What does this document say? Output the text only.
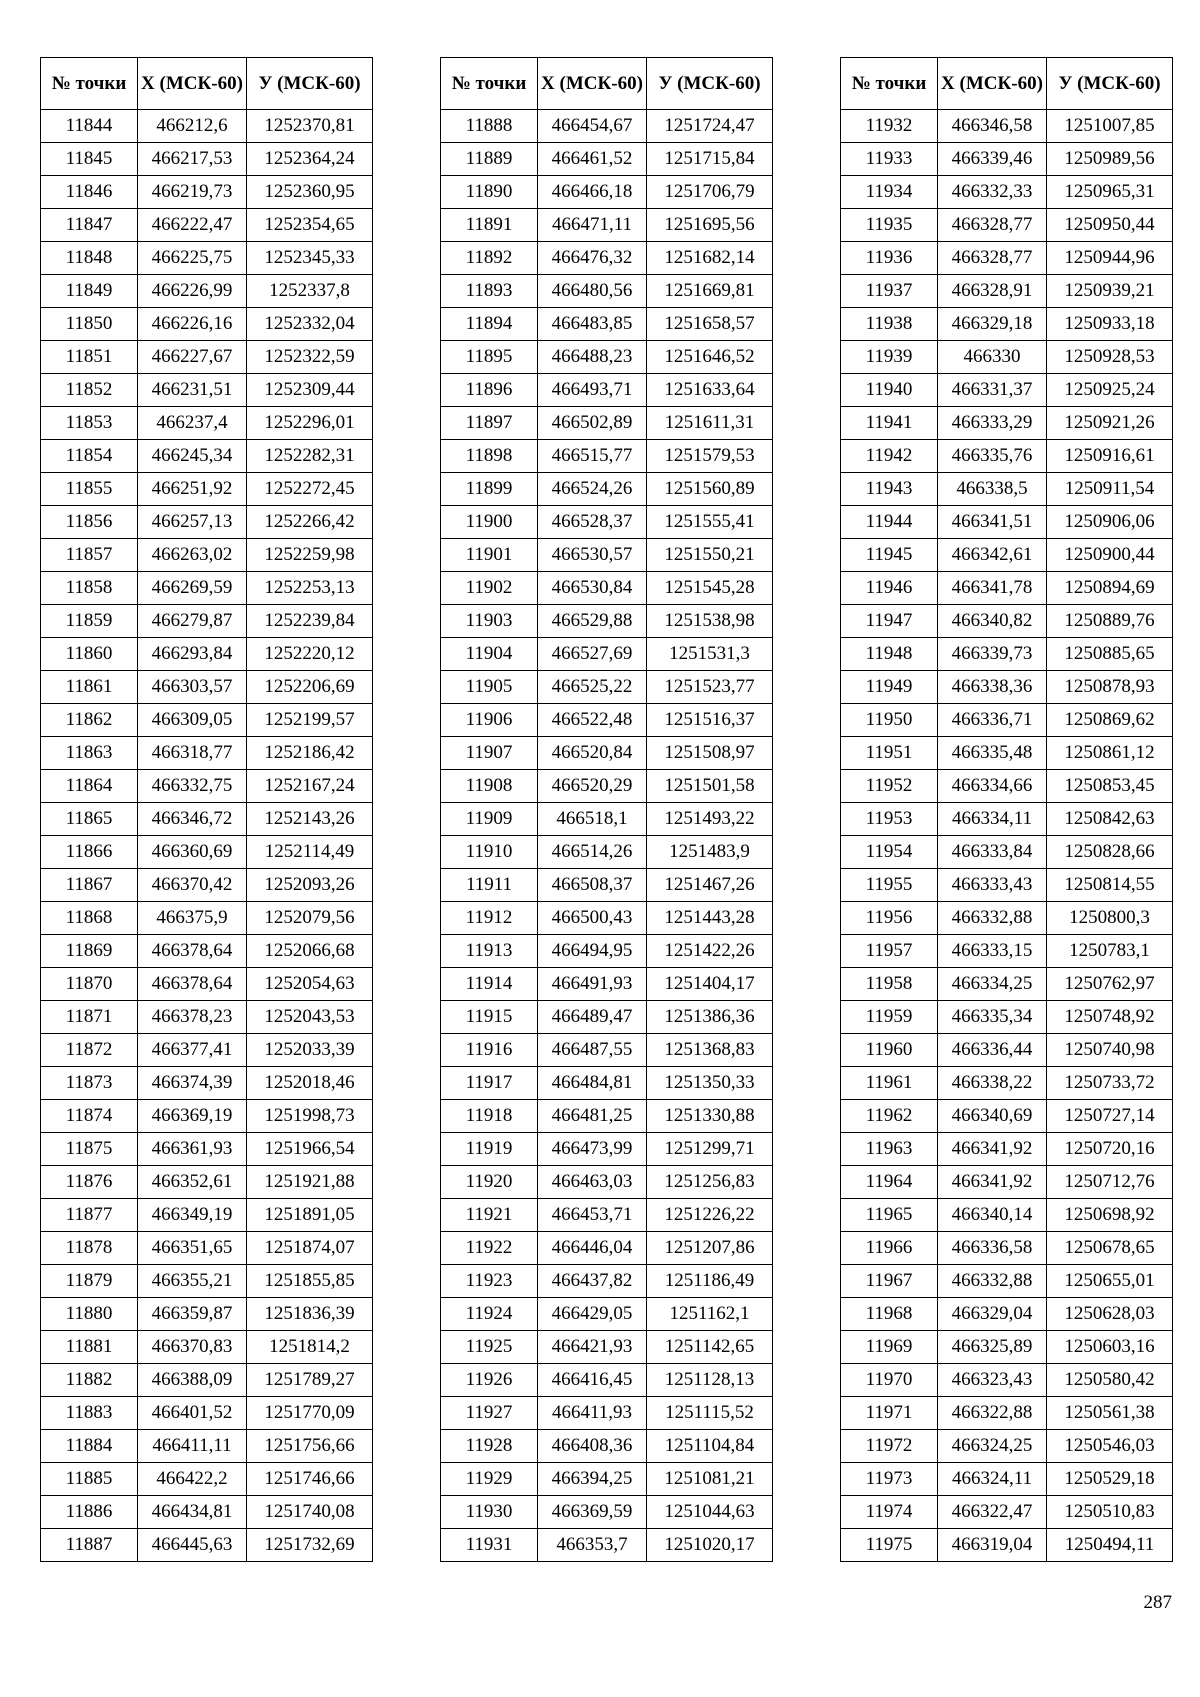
№ точки	X (МСК-60)	У (МСК-60)
11844	466212,6	1252370,81
11845	466217,53	1252364,24
11846	466219,73	1252360,95
11847	466222,47	1252354,65
11848	466225,75	1252345,33
11849	466226,99	1252337,8
11850	466226,16	1252332,04
11851	466227,67	1252322,59
11852	466231,51	1252309,44
11853	466237,4	1252296,01
11854	466245,34	1252282,31
11855	466251,92	1252272,45
11856	466257,13	1252266,42
11857	466263,02	1252259,98
11858	466269,59	1252253,13
11859	466279,87	1252239,84
11860	466293,84	1252220,12
11861	466303,57	1252206,69
11862	466309,05	1252199,57
11863	466318,77	1252186,42
11864	466332,75	1252167,24
11865	466346,72	1252143,26
11866	466360,69	1252114,49
11867	466370,42	1252093,26
11868	466375,9	1252079,56
11869	466378,64	1252066,68
11870	466378,64	1252054,63
11871	466378,23	1252043,53
11872	466377,41	1252033,39
11873	466374,39	1252018,46
11874	466369,19	1251998,73
11875	466361,93	1251966,54
11876	466352,61	1251921,88
11877	466349,19	1251891,05
11878	466351,65	1251874,07
11879	466355,21	1251855,85
11880	466359,87	1251836,39
11881	466370,83	1251814,2
11882	466388,09	1251789,27
11883	466401,52	1251770,09
11884	466411,11	1251756,66
11885	466422,2	1251746,66
11886	466434,81	1251740,08
11887	466445,63	1251732,69
№ точки	X (МСК-60)	У (МСК-60)
11888	466454,67	1251724,47
11889	466461,52	1251715,84
11890	466466,18	1251706,79
11891	466471,11	1251695,56
11892	466476,32	1251682,14
11893	466480,56	1251669,81
11894	466483,85	1251658,57
11895	466488,23	1251646,52
11896	466493,71	1251633,64
11897	466502,89	1251611,31
11898	466515,77	1251579,53
11899	466524,26	1251560,89
11900	466528,37	1251555,41
11901	466530,57	1251550,21
11902	466530,84	1251545,28
11903	466529,88	1251538,98
11904	466527,69	1251531,3
11905	466525,22	1251523,77
11906	466522,48	1251516,37
11907	466520,84	1251508,97
11908	466520,29	1251501,58
11909	466518,1	1251493,22
11910	466514,26	1251483,9
11911	466508,37	1251467,26
11912	466500,43	1251443,28
11913	466494,95	1251422,26
11914	466491,93	1251404,17
11915	466489,47	1251386,36
11916	466487,55	1251368,83
11917	466484,81	1251350,33
11918	466481,25	1251330,88
11919	466473,99	1251299,71
11920	466463,03	1251256,83
11921	466453,71	1251226,22
11922	466446,04	1251207,86
11923	466437,82	1251186,49
11924	466429,05	1251162,1
11925	466421,93	1251142,65
11926	466416,45	1251128,13
11927	466411,93	1251115,52
11928	466408,36	1251104,84
11929	466394,25	1251081,21
11930	466369,59	1251044,63
11931	466353,7	1251020,17
№ точки	X (МСК-60)	У (МСК-60)
11932	466346,58	1251007,85
11933	466339,46	1250989,56
11934	466332,33	1250965,31
11935	466328,77	1250950,44
11936	466328,77	1250944,96
11937	466328,91	1250939,21
11938	466329,18	1250933,18
11939	466330	1250928,53
11940	466331,37	1250925,24
11941	466333,29	1250921,26
11942	466335,76	1250916,61
11943	466338,5	1250911,54
11944	466341,51	1250906,06
11945	466342,61	1250900,44
11946	466341,78	1250894,69
11947	466340,82	1250889,76
11948	466339,73	1250885,65
11949	466338,36	1250878,93
11950	466336,71	1250869,62
11951	466335,48	1250861,12
11952	466334,66	1250853,45
11953	466334,11	1250842,63
11954	466333,84	1250828,66
11955	466333,43	1250814,55
11956	466332,88	1250800,3
11957	466333,15	1250783,1
11958	466334,25	1250762,97
11959	466335,34	1250748,92
11960	466336,44	1250740,98
11961	466338,22	1250733,72
11962	466340,69	1250727,14
11963	466341,92	1250720,16
11964	466341,92	1250712,76
11965	466340,14	1250698,92
11966	466336,58	1250678,65
11967	466332,88	1250655,01
11968	466329,04	1250628,03
11969	466325,89	1250603,16
11970	466323,43	1250580,42
11971	466322,88	1250561,38
11972	466324,25	1250546,03
11973	466324,11	1250529,18
11974	466322,47	1250510,83
11975	466319,04	1250494,11
287
